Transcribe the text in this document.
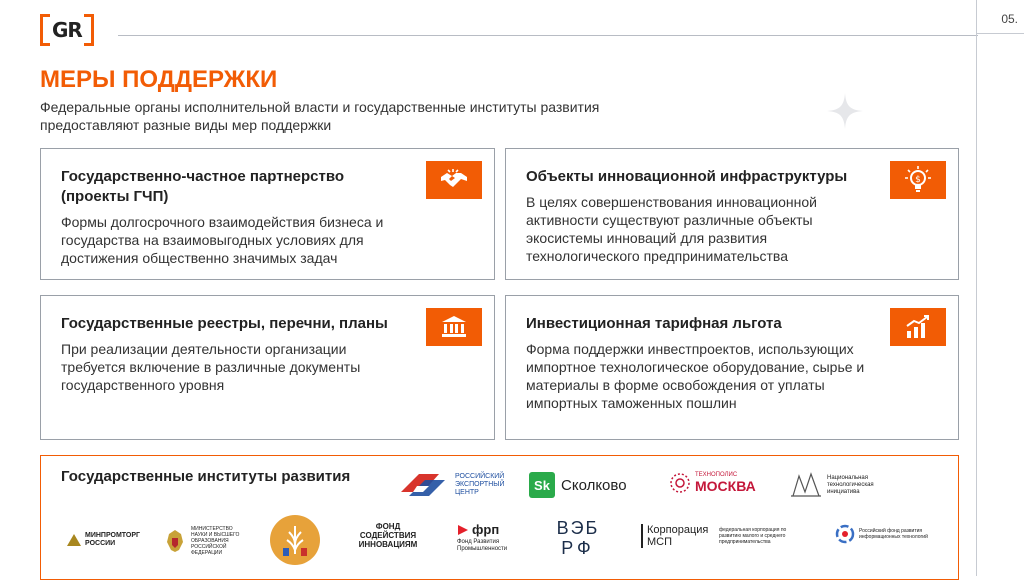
GR	05.
МЕРЫ ПОДДЕРЖКИ

Федеральные органы исполнительной власти и государственные институты развития предоставляют разные виды мер поддержки

Государственно-частное партнерство (проекты ГЧП)

Формы долгосрочного взаимодействия бизнеса и государства на взаимовыгодных условиях для достижения общественно значимых задач

Объекты инновационной инфраструктуры

В целях совершенствования инновационной активности существуют различные объекты экосистемы инноваций для развития технологического предпринимательства

$
Государственные реестры, перечни, планы

При реализации деятельности организации требуется включение в различные документы государственного уровня

Инвестиционная тарифная льгота

Форма поддержки инвестпроектов, использующих импортное технологическое оборудование, сырье и материалы в форме освобождения от уплаты импортных таможенных пошлин

Государственные институты развития	РОССИЙСКИЙ ЭКСПОРТНЫЙ ЦЕНТР	Sk Сколково
ТЕХНОПОЛИС
МОСКВА
Национальная технологическая инициатива
МИНПРОМТОРГ РОССИИ
МИНИСТЕРСТВО НАУКИ И ВЫСШЕГО ОБРАЗОВАНИЯ РОССИЙСКОЙ ФЕДЕРАЦИИ
ФОНД СОДЕЙСТВИЯ ИННОВАЦИЯМ
фрп
Фонд Развития Промышленности
ВЭБ
РФ
Корпорация МСП
федеральная корпорация по развитию малого и среднего предпринимательства
Российский фонд развития информационных технологий
